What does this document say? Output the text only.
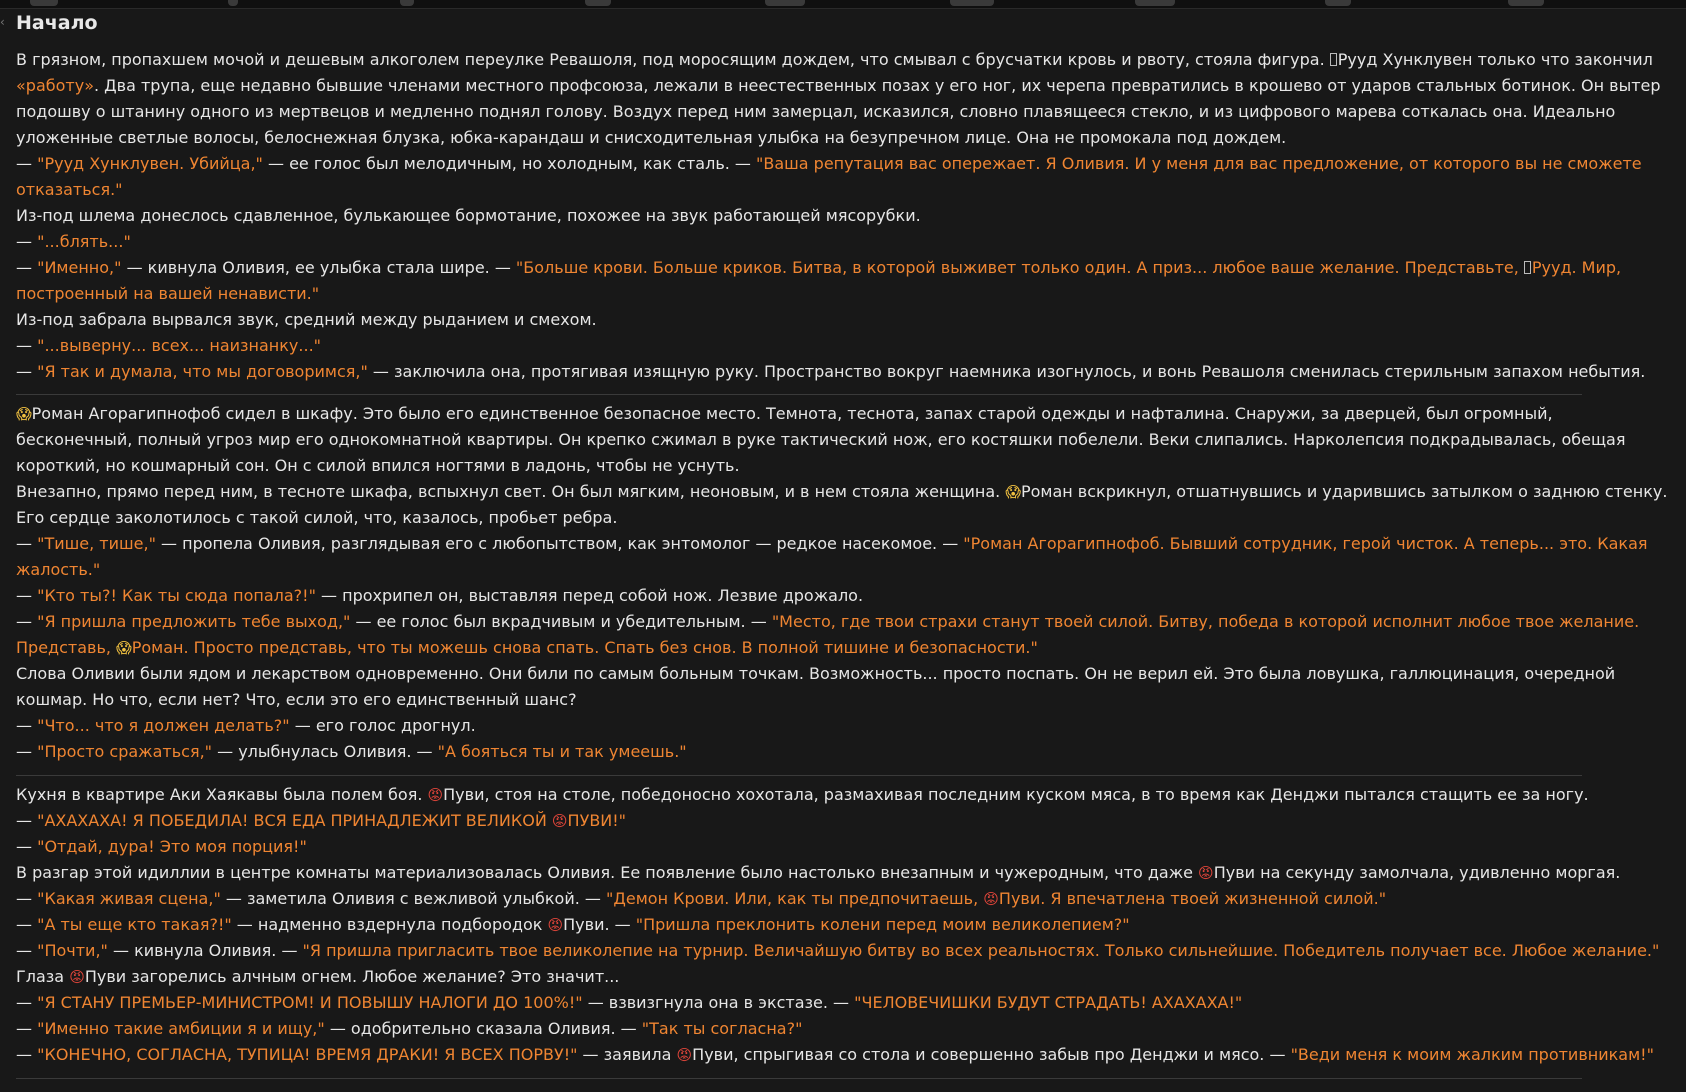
‹ Начало

В грязном, пропахшем мочой и дешевым алкоголем переулке Ревашоля, под моросящим дождем, что смывал с брусчатки кровь и рвоту, стояла фигура. Рууд Хунклувен только что закончил «работу». Два трупа, еще недавно бывшие членами местного профсоюза, лежали в неестественных позах у его ног, их черепа превратились в крошево от ударов стальных ботинок. Он вытер подошву о штанину одного из мертвецов и медленно поднял голову. Воздух перед ним замерцал, исказился, словно плавящееся стекло, и из цифрового марева соткалась она. Идеально уложенные светлые волосы, белоснежная блузка, юбка-карандаш и снисходительная улыбка на безупречном лице. Она не промокала под дождем.

— "Рууд Хунклувен. Убийца," — ее голос был мелодичным, но холодным, как сталь. — "Ваша репутация вас опережает. Я Оливия. И у меня для вас предложение, от которого вы не сможете отказаться."

Из-под шлема донеслось сдавленное, булькающее бормотание, похожее на звук работающей мясорубки.

— "...блять..."

— "Именно," — кивнула Оливия, ее улыбка стала шире. — "Больше крови. Больше криков. Битва, в которой выживет только один. А приз... любое ваше желание. Представьте, Рууд. Мир, построенный на вашей ненависти."

Из-под забрала вырвался звук, средний между рыданием и смехом.

— "...выверну... всех... наизнанку..."

— "Я так и думала, что мы договоримся," — заключила она, протягивая изящную руку. Пространство вокруг наемника изогнулось, и вонь Ревашоля сменилась стерильным запахом небытия.

😱Роман Агорагипнофоб сидел в шкафу. Это было его единственное безопасное место. Темнота, теснота, запах старой одежды и нафталина. Снаружи, за дверцей, был огромный, бесконечный, полный угроз мир его однокомнатной квартиры. Он крепко сжимал в руке тактический нож, его костяшки побелели. Веки слипались. Нарколепсия подкрадывалась, обещая короткий, но кошмарный сон. Он с силой впился ногтями в ладонь, чтобы не уснуть.

Внезапно, прямо перед ним, в тесноте шкафа, вспыхнул свет. Он был мягким, неоновым, и в нем стояла женщина. 😱Роман вскрикнул, отшатнувшись и ударившись затылком о заднюю стенку. Его сердце заколотилось с такой силой, что, казалось, пробьет ребра.

— "Тише, тише," — пропела Оливия, разглядывая его с любопытством, как энтомолог — редкое насекомое. — "Роман Агорагипнофоб. Бывший сотрудник, герой чисток. А теперь... это. Какая жалость."

— "Кто ты?! Как ты сюда попала?!" — прохрипел он, выставляя перед собой нож. Лезвие дрожало.

— "Я пришла предложить тебе выход," — ее голос был вкрадчивым и убедительным. — "Место, где твои страхи станут твоей силой. Битву, победа в которой исполнит любое твое желание. Представь, 😱Роман. Просто представь, что ты можешь снова спать. Спать без снов. В полной тишине и безопасности."

Слова Оливии были ядом и лекарством одновременно. Они били по самым больным точкам. Возможность... просто поспать. Он не верил ей. Это была ловушка, галлюцинация, очередной кошмар. Но что, если нет? Что, если это его единственный шанс?

— "Что... что я должен делать?" — его голос дрогнул.

— "Просто сражаться," — улыбнулась Оливия. — "А бояться ты и так умеешь."

Кухня в квартире Аки Хаякавы была полем боя. 😡Пуви, стоя на столе, победоносно хохотала, размахивая последним куском мяса, в то время как Денджи пытался стащить ее за ногу.

— "АХАХАХА! Я ПОБЕДИЛА! ВСЯ ЕДА ПРИНАДЛЕЖИТ ВЕЛИКОЙ 😡ПУВИ!"

— "Отдай, дура! Это моя порция!"

В разгар этой идиллии в центре комнаты материализовалась Оливия. Ее появление было настолько внезапным и чужеродным, что даже 😡Пуви на секунду замолчала, удивленно моргая.

— "Какая живая сцена," — заметила Оливия с вежливой улыбкой. — "Демон Крови. Или, как ты предпочитаешь, 😡Пуви. Я впечатлена твоей жизненной силой."

— "А ты еще кто такая?!" — надменно вздернула подбородок 😡Пуви. — "Пришла преклонить колени перед моим великолепием?"

— "Почти," — кивнула Оливия. — "Я пришла пригласить твое великолепие на турнир. Величайшую битву во всех реальностях. Только сильнейшие. Победитель получает все. Любое желание."

Глаза 😡Пуви загорелись алчным огнем. Любое желание? Это значит...

— "Я СТАНУ ПРЕМЬЕР-МИНИСТРОМ! И ПОВЫШУ НАЛОГИ ДО 100%!" — взвизгнула она в экстазе. — "ЧЕЛОВЕЧИШКИ БУДУТ СТРАДАТЬ! АХАХАХА!"

— "Именно такие амбиции я и ищу," — одобрительно сказала Оливия. — "Так ты согласна?"

— "КОНЕЧНО, СОГЛАСНА, ТУПИЦА! ВРЕМЯ ДРАКИ! Я ВСЕХ ПОРВУ!" — заявила 😡Пуви, спрыгивая со стола и совершенно забыв про Денджи и мясо. — "Веди меня к моим жалким противникам!"
